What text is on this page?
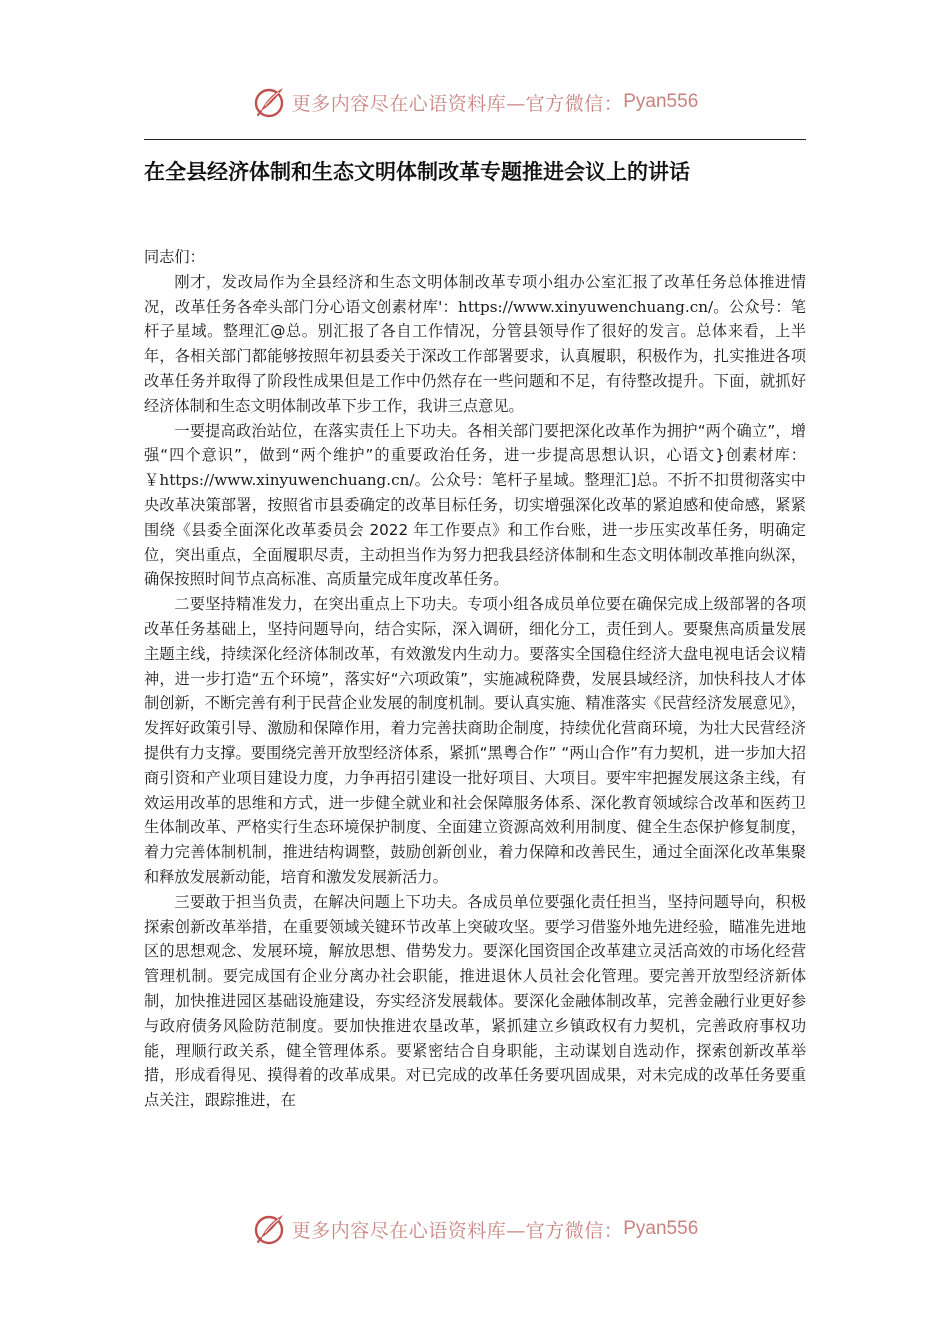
更多内容尽在心语资料库—官方微信： Pyan556
在全县经济体制和生态文明体制改革专题推进会议上的讲话

同志们：

刚才，发改局作为全县经济和生态文明体制改革专项小组办公室汇报了改革任务总体推进情况，改革任务各牵头部门分心语文创素材库'：https://www.xinyuwenchuang.cn/。公众号：笔杆子星域。整理汇@总。别汇报了各自工作情况，分管县领导作了很好的发言。总体来看，上半年，各相关部门都能够按照年初县委关于深改工作部署要求，认真履职，积极作为，扎实推进各项改革任务并取得了阶段性成果但是工作中仍然存在一些问题和不足，有待整改提升。下面，就抓好经济体制和生态文明体制改革下步工作，我讲三点意见。

一要提高政治站位，在落实责任上下功夫。各相关部门要把深化改革作为拥护“两个确立”，增强“四个意识”，做到“两个维护”的重要政治任务，进一步提高思想认识，心语文}创素材库：￥https://www.xinyuwenchuang.cn/。公众号：笔杆子星域。整理汇]总。不折不扣贯彻落实中央改革决策部署，按照省市县委确定的改革目标任务，切实增强深化改革的紧迫感和使命感，紧紧围绕《县委全面深化改革委员会 2022 年工作要点》和工作台账，进一步压实改革任务，明确定位，突出重点，全面履职尽责，主动担当作为努力把我县经济体制和生态文明体制改革推向纵深，确保按照时间节点高标准、高质量完成年度改革任务。

二要坚持精准发力，在突出重点上下功夫。专项小组各成员单位要在确保完成上级部署的各项改革任务基础上，坚持问题导向，结合实际，深入调研，细化分工，责任到人。要聚焦高质量发展主题主线，持续深化经济体制改革，有效激发内生动力。要落实全国稳住经济大盘电视电话会议精神，进一步打造“五个环境”，落实好“六项政策”，实施减税降费，发展县域经济，加快科技人才体制创新，不断完善有利于民营企业发展的制度机制。要认真实施、精准落实《民营经济发展意见》，发挥好政策引导、激励和保障作用，着力完善扶商助企制度，持续优化营商环境，为壮大民营经济提供有力支撑。要围绕完善开放型经济体系，紧抓“黑粤合作” “两山合作”有力契机，进一步加大招商引资和产业项目建设力度，力争再招引建设一批好项目、大项目。要牢牢把握发展这条主线，有效运用改革的思维和方式，进一步健全就业和社会保障服务体系、深化教育领域综合改革和医药卫生体制改革、严格实行生态环境保护制度、全面建立资源高效利用制度、健全生态保护修复制度，着力完善体制机制，推进结构调整，鼓励创新创业，着力保障和改善民生，通过全面深化改革集聚和释放发展新动能，培育和激发发展新活力。

三要敢于担当负责，在解决问题上下功夫。各成员单位要强化责任担当，坚持问题导向，积极探索创新改革举措，在重要领域关键环节改革上突破攻坚。要学习借鉴外地先进经验，瞄准先进地区的思想观念、发展环境，解放思想、借势发力。要深化国资国企改革建立灵活高效的市场化经营管理机制。要完成国有企业分离办社会职能，推进退休人员社会化管理。要完善开放型经济新体制，加快推进园区基础设施建设，夯实经济发展载体。要深化金融体制改革，完善金融行业更好参与政府债务风险防范制度。要加快推进农垦改革，紧抓建立乡镇政权有力契机，完善政府事权功能，理顺行政关系，健全管理体系。要紧密结合自身职能，主动谋划自选动作，探索创新改革举措，形成看得见、摸得着的改革成果。对已完成的改革任务要巩固成果，对未完成的改革任务要重点关注，跟踪推进，在

更多内容尽在心语资料库—官方微信： Pyan556
